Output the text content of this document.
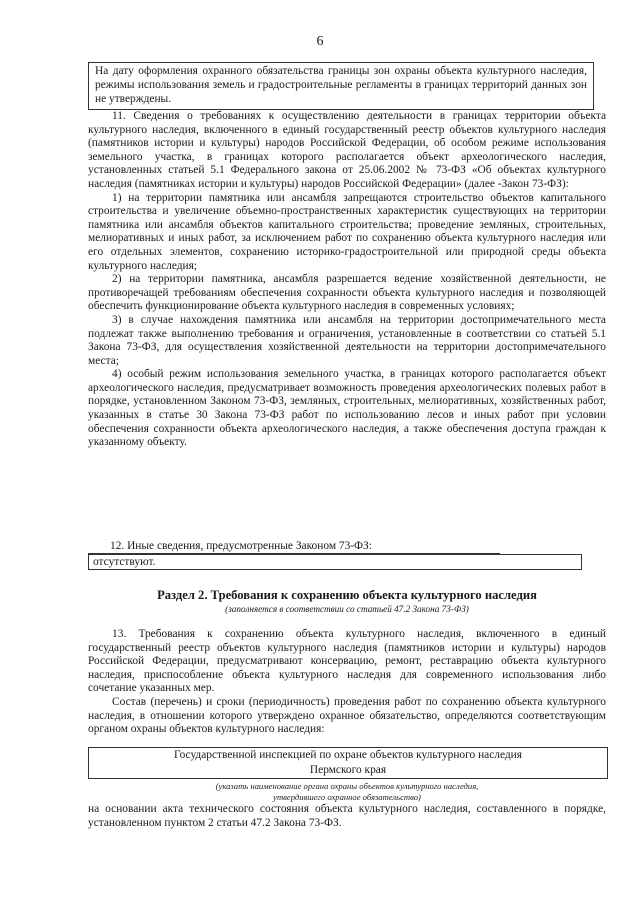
6
На дату оформления охранного обязательства границы зон охраны объекта культурного наследия, режимы использования земель и градостроительные регламенты в границах территорий данных зон не утверждены.

11. Сведения о требованиях к осуществлению деятельности в границах территории объекта культурного наследия, включенного в единый государственный реестр объектов культурного наследия (памятников истории и культуры) народов Российской Федерации, об особом режиме использования земельного участка, в границах которого располагается объект археологического наследия, установленных статьей 5.1 Федерального закона от 25.06.2002 № 73-ФЗ «Об объектах культурного наследия (памятниках истории и культуры) народов Российской Федерации» (далее -Закон 73-ФЗ):

1) на территории памятника или ансамбля запрещаются строительство объектов капитального строительства и увеличение объемно-пространственных характеристик существующих на территории памятника или ансамбля объектов капитального строительства; проведение земляных, строительных, мелиоративных и иных работ, за исключением работ по сохранению объекта культурного наследия или его отдельных элементов, сохранению историко-градостроительной или природной среды объекта культурного наследия;

2) на территории памятника, ансамбля разрешается ведение хозяйственной деятельности, не противоречащей требованиям обеспечения сохранности объекта культурного наследия и позволяющей обеспечить функционирование объекта культурного наследия в современных условиях;

3) в случае нахождения памятника или ансамбля на территории достопримечательного места подлежат также выполнению требования и ограничения, установленные в соответствии со статьей 5.1 Закона 73-ФЗ, для осуществления хозяйственной деятельности на территории достопримечательного места;

4) особый режим использования земельного участка, в границах которого располагается объект археологического наследия, предусматривает возможность проведения археологических полевых работ в порядке, установленном Законом 73-ФЗ, земляных, строительных, мелиоративных, хозяйственных работ, указанных в статье 30 Закона 73-ФЗ работ по использованию лесов и иных работ при условии обеспечения сохранности объекта археологического наследия, а также обеспечения доступа граждан к указанному объекту.

12. Иные сведения, предусмотренные Законом 73-ФЗ:
отсутствуют.
Раздел 2. Требования к сохранению объекта культурного наследия
(заполняется в соответствии со статьей 47.2 Закона 73-ФЗ)

13. Требования к сохранению объекта культурного наследия, включенного в единый государственный реестр объектов культурного наследия (памятников истории и культуры) народов Российской Федерации, предусматривают консервацию, ремонт, реставрацию объекта культурного наследия, приспособление объекта культурного наследия для современного использования либо сочетание указанных мер.

Состав (перечень) и сроки (периодичность) проведения работ по сохранению объекта культурного наследия, в отношении которого утверждено охранное обязательство, определяются соответствующим органом охраны объектов культурного наследия:

Государственной инспекцией по охране объектов культурного наследия
Пермского края
(указать наименование органа охраны объектов культурного наследия,
утвердившего охранное обязательство)
на основании акта технического состояния объекта культурного наследия, составленного в порядке, установленном пунктом 2 статьи 47.2 Закона 73-ФЗ.
